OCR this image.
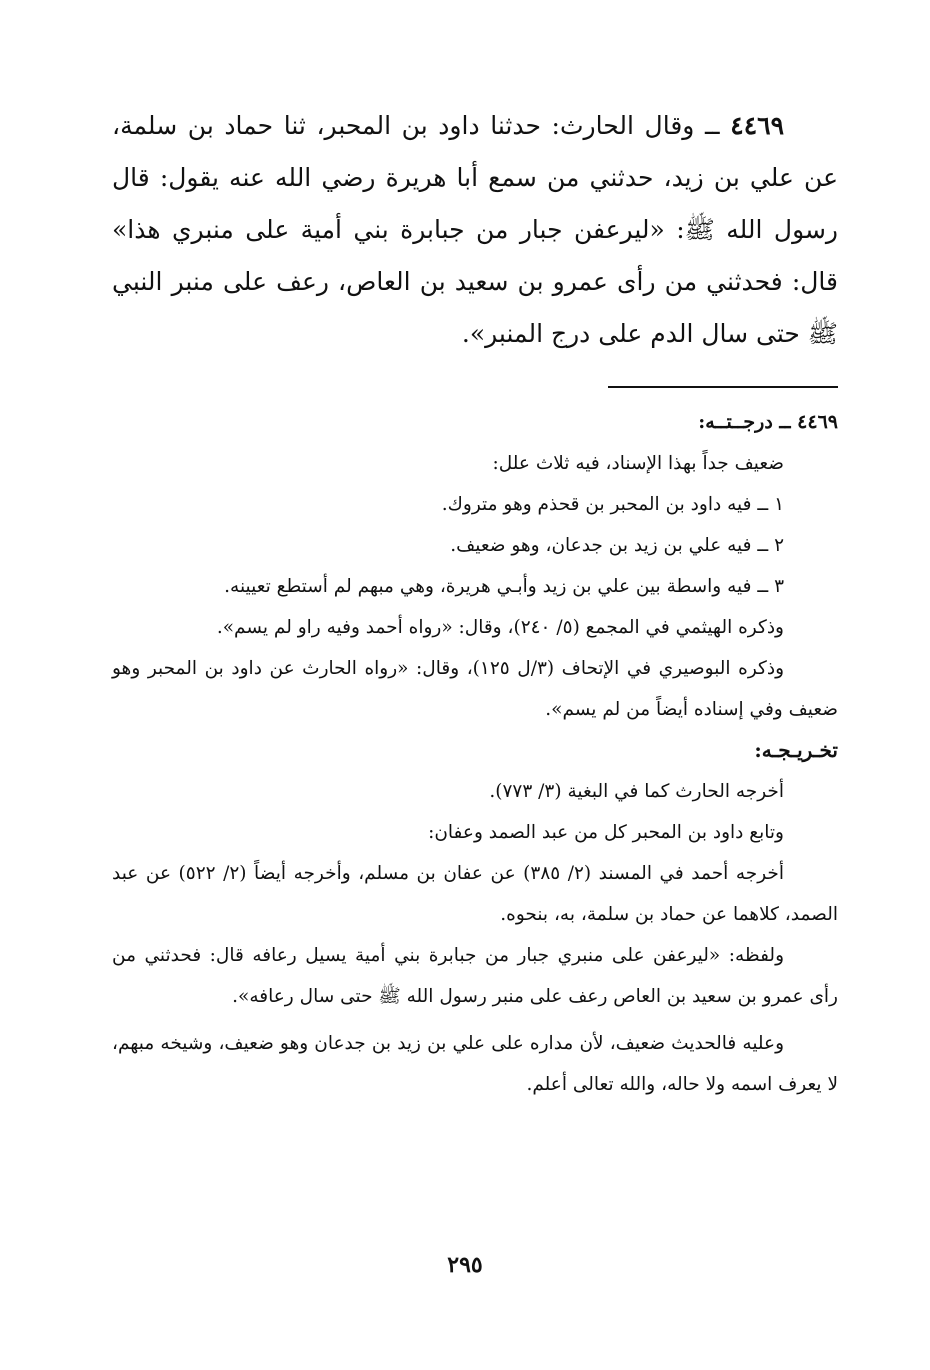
٤٤٦٩ ــ وقال الحارث: حدثنا داود بن المحبر، ثنا حماد بن سلمة، عن علي بن زيد، حدثني من سمع أبا هريرة رضي الله عنه يقول: قال رسول الله ﷺ: «ليرعفن جبار من جبابرة بني أمية على منبري هذا» قال: فحدثني من رأى عمرو بن سعيد بن العاص، رعف على منبر النبي ﷺ حتى سال الدم على درج المنبر».

٤٤٦٩ ــ درجــتــه:

ضعيف جداً بهذا الإسناد، فيه ثلاث علل:

١ ــ فيه داود بن المحبر بن قحذم وهو متروك.

٢ ــ فيه علي بن زيد بن جدعان، وهو ضعيف.

٣ ــ فيه واسطة بين علي بن زيد وأبـي هريرة، وهي مبهم لم أستطع تعيينه.

وذكره الهيثمي في المجمع (٥/ ٢٤٠)، وقال: «رواه أحمد وفيه راو لم يسم».

وذكره البوصيري في الإتحاف (٣/ل ١٢٥)، وقال: «رواه الحارث عن داود بن المحبر وهو ضعيف وفي إسناده أيضاً من لم يسم».

تخـريـجـه:

أخرجه الحارث كما في البغية (٣/ ٧٧٣).

وتابع داود بن المحبر كل من عبد الصمد وعفان:

أخرجه أحمد في المسند (٢/ ٣٨٥) عن عفان بن مسلم، وأخرجه أيضاً (٢/ ٥٢٢) عن عبد الصمد، كلاهما عن حماد بن سلمة، به، بنحوه.

ولفظه: «ليرعفن على منبري جبار من جبابرة بني أمية يسيل رعافه قال: فحدثني من رأى عمرو بن سعيد بن العاص رعف على منبر رسول الله ﷺ حتى سال رعافه».

وعليه فالحديث ضعيف، لأن مداره على علي بن زيد بن جدعان وهو ضعيف، وشيخه مبهم، لا يعرف اسمه ولا حاله، والله تعالى أعلم.

٢٩٥
